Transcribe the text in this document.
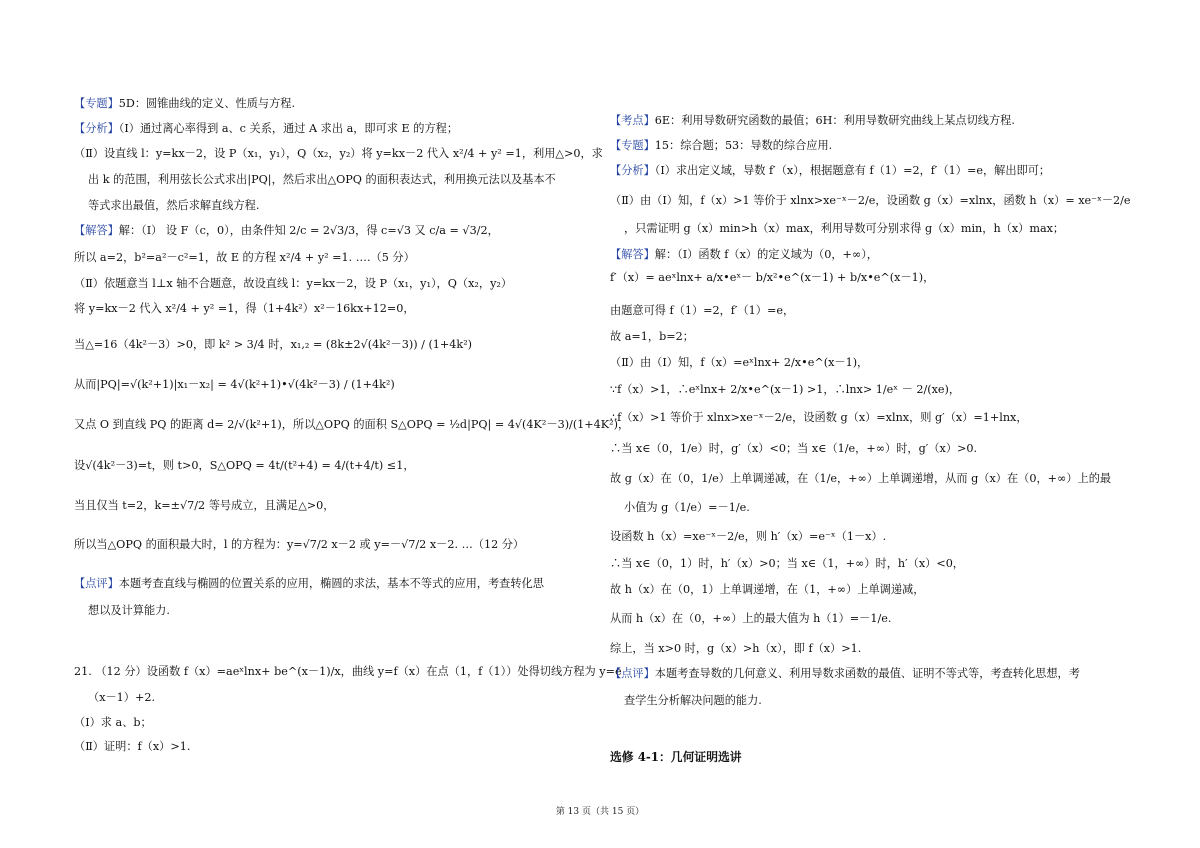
【专题】5D：圆锥曲线的定义、性质与方程.
【分析】（Ⅰ）通过离心率得到 a、c 关系，通过 A 求出 a，即可求 E 的方程；
（Ⅱ）设直线 l：y=kx－2，设 P（x₁，y₁），Q（x₂，y₂）将 y=kx－2 代入 x²/4 + y² =1，利用△>0，求
出 k 的范围，利用弦长公式求出|PQ|，然后求出△OPQ 的面积表达式，利用换元法以及基本不
等式求出最值，然后求解直线方程.
【解答】解：（Ⅰ） 设 F（c，0），由条件知 2/c = 2√3/3，得 c=√3 又 c/a = √3/2，
所以 a=2，b²=a²－c²=1，故 E 的方程 x²/4 + y² =1. ….（5 分）
（Ⅱ）依题意当 l⊥x 轴不合题意，故设直线 l：y=kx－2，设 P（x₁，y₁），Q（x₂，y₂）
将 y=kx－2 代入 x²/4 + y² =1，得（1+4k²）x²－16kx+12=0，
当△=16（4k²－3）>0，即 k² > 3/4 时，x₁,₂ = (8k±2√(4k²－3)) / (1+4k²)
从而|PQ|=√(k²+1)|x₁－x₂| = 4√(k²+1)•√(4k²－3) / (1+4k²)
又点 O 到直线 PQ 的距离 d= 2/√(k²+1)，所以△OPQ 的面积 S△OPQ = ½d|PQ| = 4√(4K²－3)/(1+4K²)，
设√(4k²－3)=t，则 t>0，S△OPQ = 4t/(t²+4) = 4/(t+4/t) ≤1，
当且仅当 t=2，k=±√7/2 等号成立，且满足△>0，
所以当△OPQ 的面积最大时，l 的方程为：y=√7/2 x－2 或 y=－√7/2 x－2. …（12 分）
【点评】本题考查直线与椭圆的位置关系的应用，椭圆的求法，基本不等式的应用，考查转化思
想以及计算能力.
21. （12 分）设函数 f（x）=aeˣlnx+ be^(x－1)/x，曲线 y=f（x）在点（1，f（1））处得切线方程为 y=e
（x－1）+2.
（Ⅰ）求 a、b；
（Ⅱ）证明：f（x）>1.
【考点】6E：利用导数研究函数的最值；6H：利用导数研究曲线上某点切线方程.
【专题】15：综合题；53：导数的综合应用.
【分析】（Ⅰ）求出定义域，导数 f′（x），根据题意有 f（1）=2，f′（1）=e，解出即可；
（Ⅱ）由（Ⅰ）知，f（x）>1 等价于 xlnx>xe⁻ˣ－2/e，设函数 g（x）=xlnx，函数 h（x）= xe⁻ˣ－2/e
，只需证明 g（x）min>h（x）max，利用导数可分别求得 g（x）min，h（x）max；
【解答】解：（Ⅰ）函数 f（x）的定义域为（0，+∞），
f′（x）= aeˣlnx+ a/x•eˣ－ b/x²•e^(x－1) + b/x•e^(x－1)，
由题意可得 f（1）=2，f′（1）=e，
故 a=1，b=2；
（Ⅱ）由（Ⅰ）知，f（x）=eˣlnx+ 2/x•e^(x－1)，
∵f（x）>1，∴eˣlnx+ 2/x•e^(x－1) >1，∴lnx> 1/eˣ － 2/(xe)，
∴f（x）>1 等价于 xlnx>xe⁻ˣ－2/e，设函数 g（x）=xlnx，则 g′（x）=1+lnx，
∴当 x∈（0，1/e）时，g′（x）<0；当 x∈（1/e，+∞）时，g′（x）>0.
故 g（x）在（0，1/e）上单调递减，在（1/e，+∞）上单调递增，从而 g（x）在（0，+∞）上的最
小值为 g（1/e）=－1/e.
设函数 h（x）=xe⁻ˣ－2/e，则 h′（x）=e⁻ˣ（1－x）.
∴当 x∈（0，1）时，h′（x）>0；当 x∈（1，+∞）时，h′（x）<0，
故 h（x）在（0，1）上单调递增，在（1，+∞）上单调递减，
从而 h（x）在（0，+∞）上的最大值为 h（1）=－1/e.
综上，当 x>0 时，g（x）>h（x），即 f（x）>1.
【点评】本题考查导数的几何意义、利用导数求函数的最值、证明不等式等，考查转化思想，考
查学生分析解决问题的能力.
选修 4-1：几何证明选讲
第 13 页（共 15 页）
